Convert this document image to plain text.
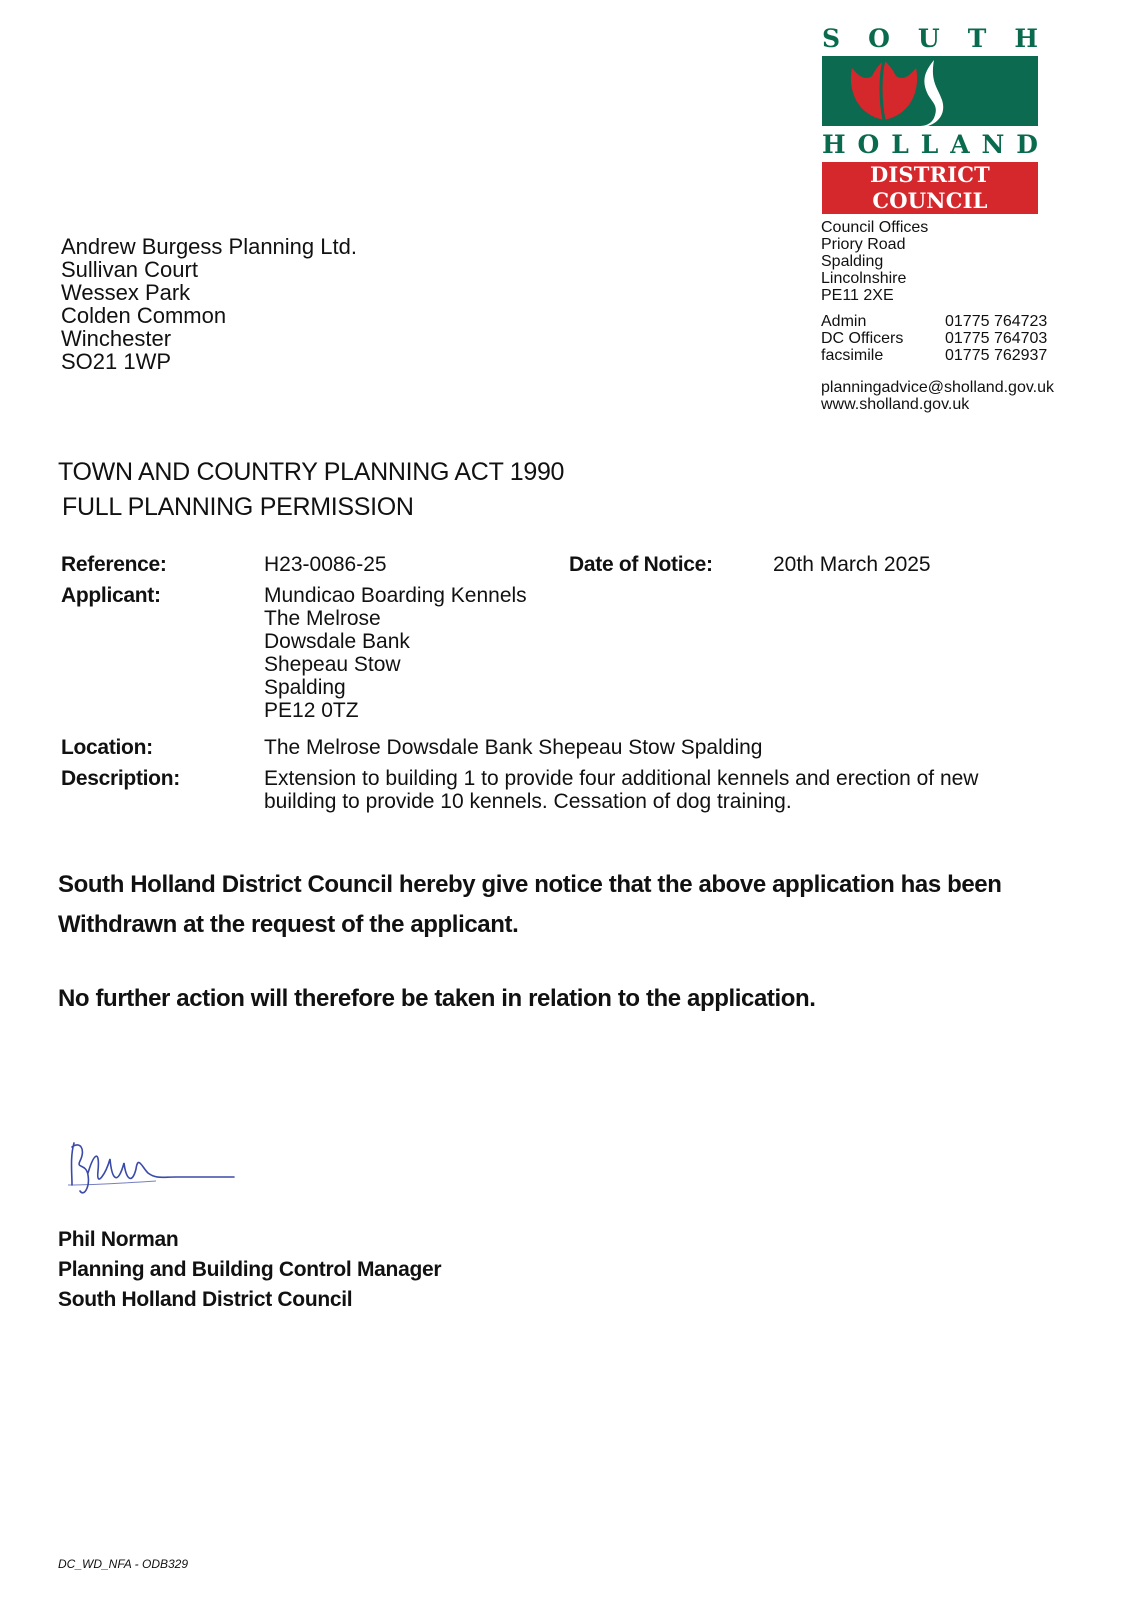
S O U T H
H O L L A N D
DISTRICT COUNCIL
Council Offices
Priory Road
Spalding
Lincolnshire
PE11 2XE
Admin	01775 764723
DC Officers	01775 764703
facsimile	01775 762937
planningadvice@sholland.gov.uk
www.sholland.gov.uk
Andrew Burgess Planning Ltd.
Sullivan Court
Wessex Park
Colden Common
Winchester
SO21 1WP
TOWN AND COUNTRY PLANNING ACT 1990
FULL PLANNING PERMISSION
Reference:	H23-0086-25	Date of Notice:	20th March 2025
Applicant:	Mundicao Boarding Kennels
The Melrose
Dowsdale Bank
Shepeau Stow
Spalding
PE12 0TZ
Location:	The Melrose Dowsdale Bank Shepeau Stow Spalding
Description:	Extension to building 1 to provide four additional kennels and erection of new
building to provide 10 kennels. Cessation of dog training.
South Holland District Council hereby give notice that the above application has been
Withdrawn at the request of the applicant.
No further action will therefore be taken in relation to the application.
Phil Norman
Planning and Building Control Manager
South Holland District Council
DC_WD_NFA - ODB329
